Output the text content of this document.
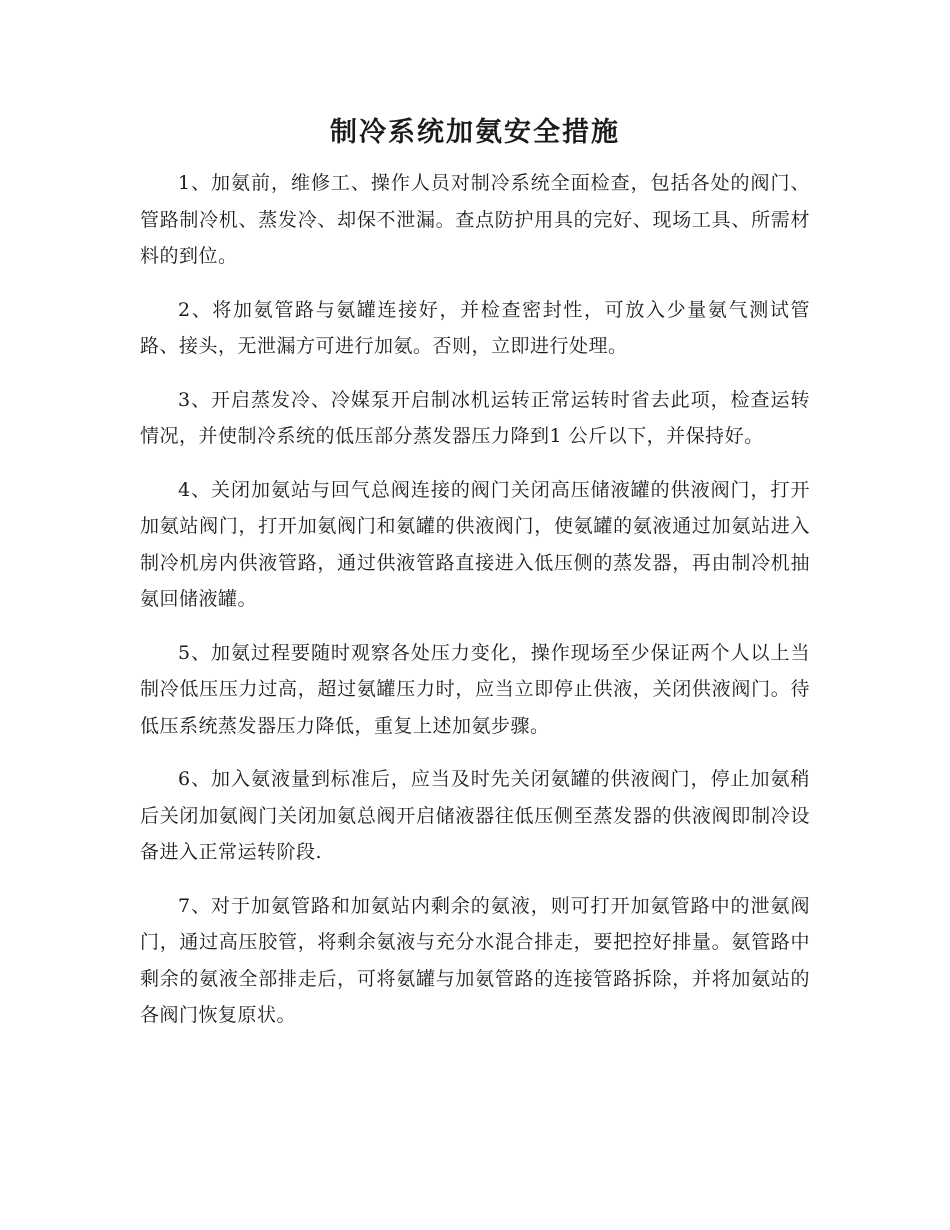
制冷系统加氨安全措施

1、加氨前，维修工、操作人员对制冷系统全面检查，包括各处的阀门、管路制冷机、蒸发冷、却保不泄漏。查点防护用具的完好、现场工具、所需材料的到位。

2、将加氨管路与氨罐连接好，并检查密封性，可放入少量氨气测试管路、接头，无泄漏方可进行加氨。否则，立即进行处理。

3、开启蒸发冷、冷媒泵开启制冰机运转正常运转时省去此项，检查运转情况，并使制冷系统的低压部分蒸发器压力降到1 公斤以下，并保持好。

4、关闭加氨站与回气总阀连接的阀门关闭高压储液罐的供液阀门，打开加氨站阀门，打开加氨阀门和氨罐的供液阀门，使氨罐的氨液通过加氨站进入制冷机房内供液管路，通过供液管路直接进入低压侧的蒸发器，再由制冷机抽氨回储液罐。

5、加氨过程要随时观察各处压力变化，操作现场至少保证两个人以上当制冷低压压力过高，超过氨罐压力时，应当立即停止供液，关闭供液阀门。待低压系统蒸发器压力降低，重复上述加氨步骤。

6、加入氨液量到标准后，应当及时先关闭氨罐的供液阀门，停止加氨稍后关闭加氨阀门关闭加氨总阀开启储液器往低压侧至蒸发器的供液阀即制冷设备进入正常运转阶段.

7、对于加氨管路和加氨站内剩余的氨液，则可打开加氨管路中的泄氨阀门，通过高压胶管，将剩余氨液与充分水混合排走，要把控好排量。氨管路中剩余的氨液全部排走后，可将氨罐与加氨管路的连接管路拆除，并将加氨站的各阀门恢复原状。
